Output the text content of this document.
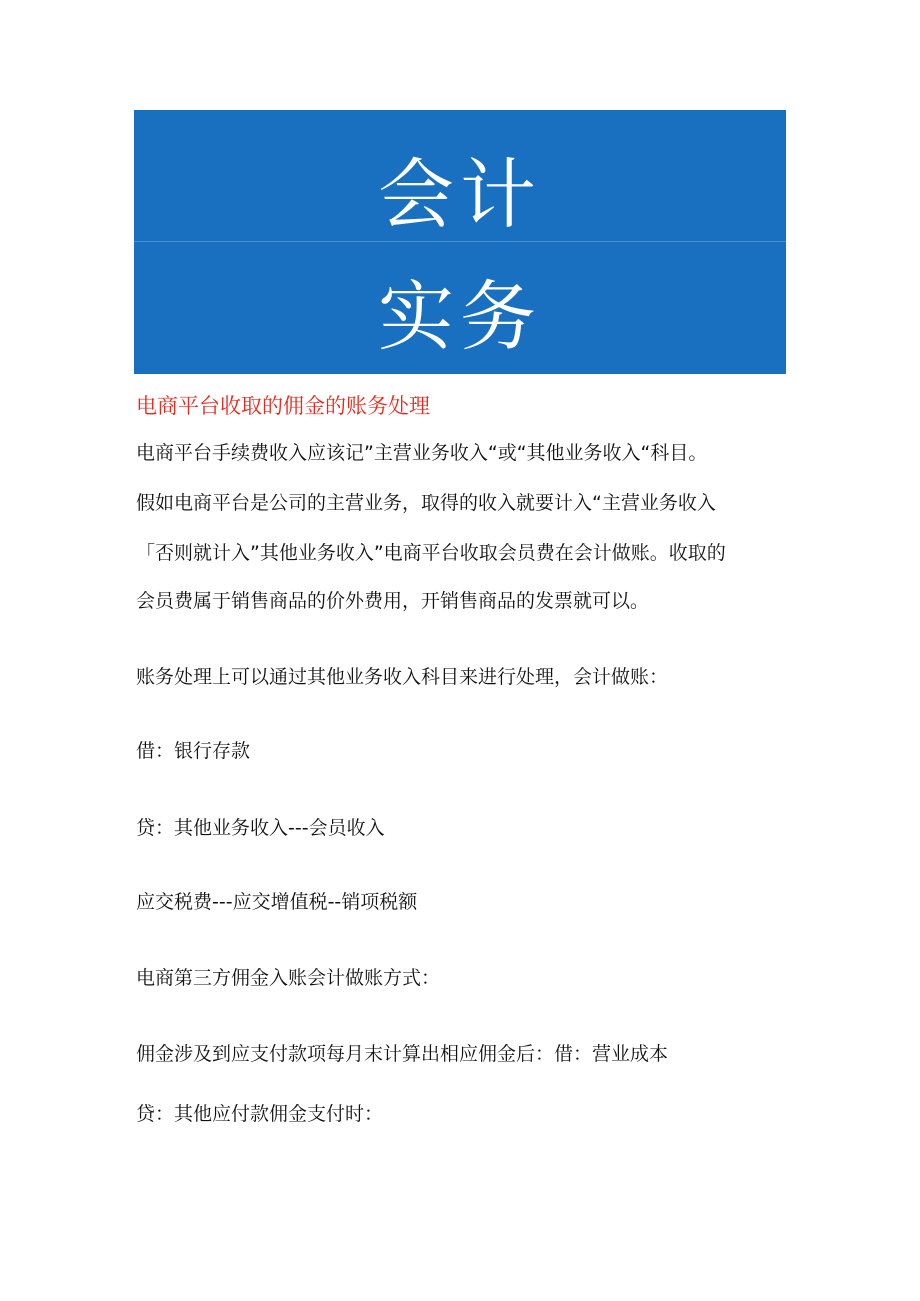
会计
实务
电商平台收取的佣金的账务处理
电商平台手续费收入应该记”主营业务收入“或“其他业务收入“科目。
假如电商平台是公司的主营业务，取得的收入就要计入“主营业务收入
「否则就计入”其他业务收入”电商平台收取会员费在会计做账。收取的
会员费属于销售商品的价外费用，开销售商品的发票就可以。
账务处理上可以通过其他业务收入科目来进行处理，会计做账：
借：银行存款
贷：其他业务收入---会员收入
应交税费---应交增值税--销项税额
电商第三方佣金入账会计做账方式：
佣金涉及到应支付款项每月末计算出相应佣金后：借：营业成本
贷：其他应付款佣金支付时：
